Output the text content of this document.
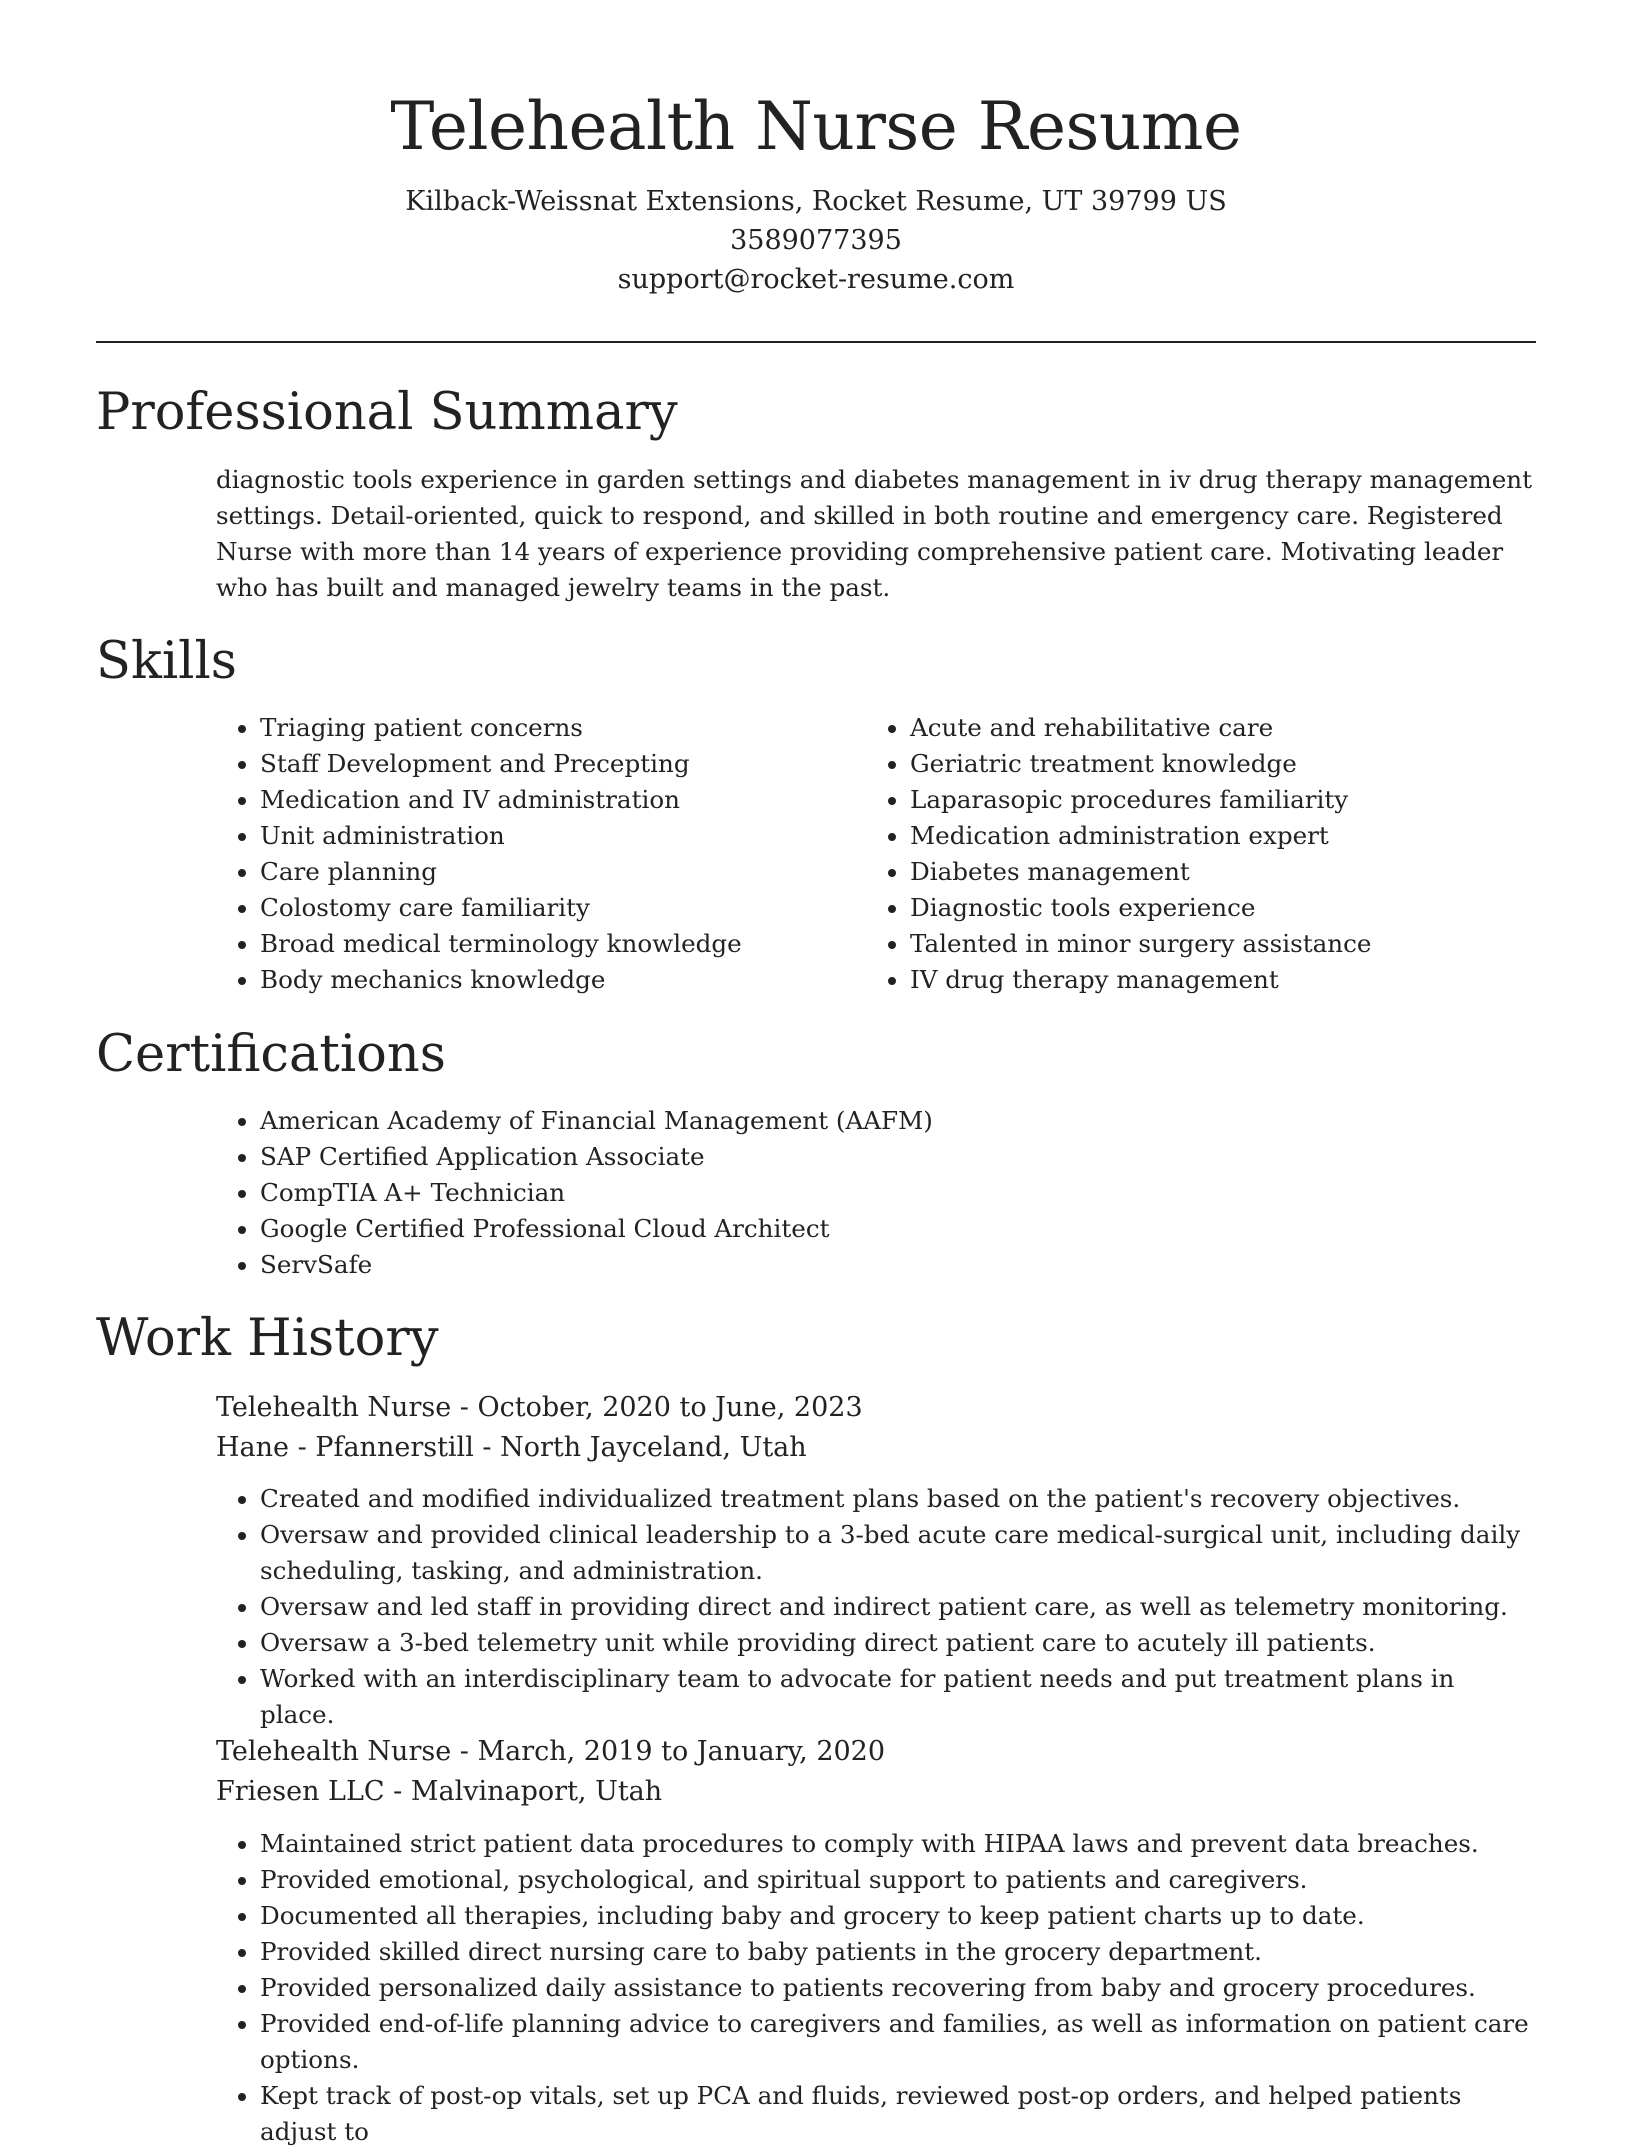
Telehealth Nurse Resume
Kilback-Weissnat Extensions, Rocket Resume, UT 39799 US
3589077395
support@rocket-resume.com
Professional Summary

diagnostic tools experience in garden settings and diabetes management in iv drug therapy management settings. Detail-oriented, quick to respond, and skilled in both routine and emergency care. Registered Nurse with more than 14 years of experience providing comprehensive patient care. Motivating leader who has built and managed jewelry teams in the past.

Skills
• Triaging patient concerns
• Staff Development and Precepting
• Medication and IV administration
• Unit administration
• Care planning
• Colostomy care familiarity
• Broad medical terminology knowledge
• Body mechanics knowledge
• Acute and rehabilitative care
• Geriatric treatment knowledge
• Laparasopic procedures familiarity
• Medication administration expert
• Diabetes management
• Diagnostic tools experience
• Talented in minor surgery assistance
• IV drug therapy management
Certifications
• American Academy of Financial Management (AAFM)
• SAP Certified Application Associate
• CompTIA A+ Technician
• Google Certified Professional Cloud Architect
• ServSafe
Work History
Telehealth Nurse - October, 2020 to June, 2023
Hane - Pfannerstill - North Jayceland, Utah
• Created and modified individualized treatment plans based on the patient's recovery objectives.
• Oversaw and provided clinical leadership to a 3-bed acute care medical-surgical unit, including daily scheduling, tasking, and administration.
• Oversaw and led staff in providing direct and indirect patient care, as well as telemetry monitoring.
• Oversaw a 3-bed telemetry unit while providing direct patient care to acutely ill patients.
• Worked with an interdisciplinary team to advocate for patient needs and put treatment plans in place.
Telehealth Nurse - March, 2019 to January, 2020
Friesen LLC - Malvinaport, Utah
• Maintained strict patient data procedures to comply with HIPAA laws and prevent data breaches.
• Provided emotional, psychological, and spiritual support to patients and caregivers.
• Documented all therapies, including baby and grocery to keep patient charts up to date.
• Provided skilled direct nursing care to baby patients in the grocery department.
• Provided personalized daily assistance to patients recovering from baby and grocery procedures.
• Provided end-of-life planning advice to caregivers and families, as well as information on patient care options.
• Kept track of post-op vitals, set up PCA and fluids, reviewed post-op orders, and helped patients adjust to
